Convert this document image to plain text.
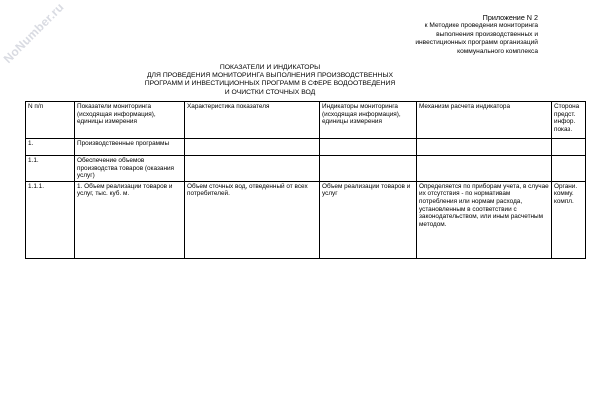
NoNumber.ru	Приложение N 2
к Методике проведения мониторинга
выполнения производственных и
инвестиционных программ организаций
коммунального комплекса
ПОКАЗАТЕЛИ И ИНДИКАТОРЫ
ДЛЯ ПРОВЕДЕНИЯ МОНИТОРИНГА ВЫПОЛНЕНИЯ ПРОИЗВОДСТВЕННЫХ
ПРОГРАММ И ИНВЕСТИЦИОННЫХ ПРОГРАММ В СФЕРЕ ВОДООТВЕДЕНИЯ
И ОЧИСТКИ СТОЧНЫХ ВОД
N п/п	Показатели мониторинга (исходящая информация), единицы измерения	Характеристика показателя	Индикаторы мониторинга (исходящая информация), единицы измерения	Механизм расчета индикатора	Сторона предст. инфор. показ.
1.	Производственные программы				
1.1.	Обеспечение объемов производства товаров (оказания услуг)				
1.1.1.	1. Объем реализации товаров и услуг, тыс. куб. м.	Объем сточных вод, отведенный от всех потребителей.	Объем реализации товаров и услуг	Определяется по приборам учета, в случае их отсутствия - по нормативам потребления или нормам расхода, установленным в соответствии с законодательством, или иным расчетным методом.	Органи. комму. компл.
